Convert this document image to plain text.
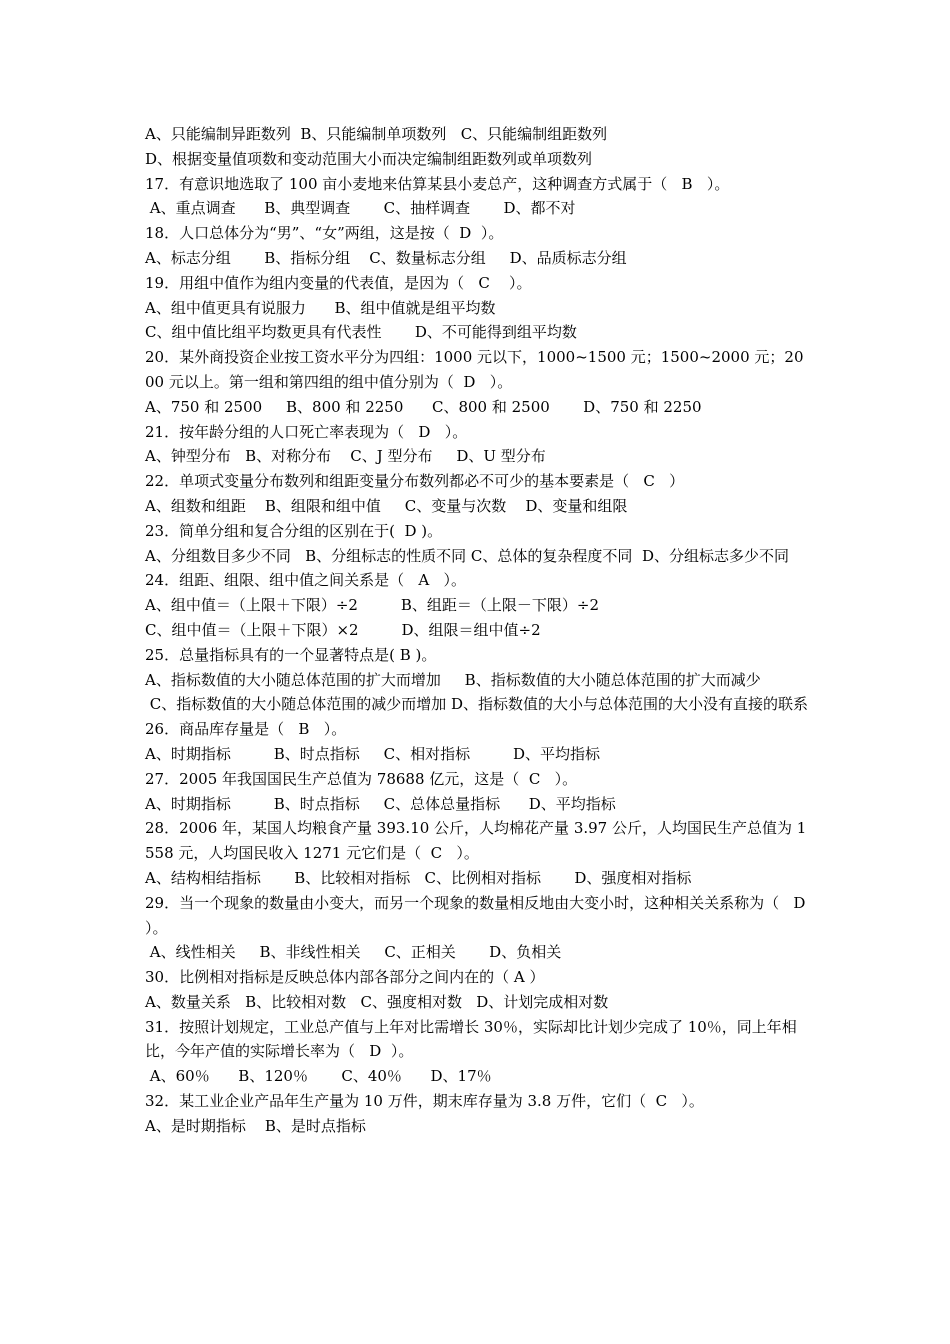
A、只能编制异距数列  B、只能编制单项数列   C、只能编制组距数列

D、根据变量值项数和变动范围大小而决定编制组距数列或单项数列

17．有意识地选取了 100 亩小麦地来估算某县小麦总产，这种调查方式属于（   B   ）。

A、重点调查      B、典型调查       C、抽样调查       D、都不对

18．人口总体分为“男”、“女”两组，这是按（  D  ）。

A、标志分组       B、指标分组    C、数量标志分组     D、品质标志分组

19．用组中值作为组内变量的代表值，是因为（   C    ）。

A、组中值更具有说服力      B、组中值就是组平均数

C、组中值比组平均数更具有代表性       D、不可能得到组平均数

20．某外商投资企业按工资水平分为四组：1000 元以下，1000~1500 元；1500~2000 元；2000 元以上。第一组和第四组的组中值分别为（  D   ）。

A、750 和 2500     B、800 和 2250      C、800 和 2500       D、750 和 2250

21．按年龄分组的人口死亡率表现为（   D   ）。

A、钟型分布   B、对称分布    C、J 型分布     D、U 型分布

22．单项式变量分布数列和组距变量分布数列都必不可少的基本要素是（   C   ）

A、组数和组距    B、组限和组中值     C、变量与次数    D、变量和组限

23．简单分组和复合分组的区别在于(  D )。

A、分组数目多少不同   B、分组标志的性质不同 C、总体的复杂程度不同  D、分组标志多少不同

24．组距、组限、组中值之间关系是（   A   ）。

A、组中值＝（上限＋下限）÷2         B、组距＝（上限－下限）÷2

C、组中值＝（上限＋下限）×2         D、组限＝组中值÷2

25．总量指标具有的一个显著特点是( B )。

A、指标数值的大小随总体范围的扩大而增加     B、指标数值的大小随总体范围的扩大而减少

C、指标数值的大小随总体范围的减少而增加 D、指标数值的大小与总体范围的大小没有直接的联系

26．商品库存量是（   B   ）。

A、时期指标         B、时点指标     C、相对指标         D、平均指标

27．2005 年我国国民生产总值为 78688 亿元，这是（  C   ）。

A、时期指标         B、时点指标     C、总体总量指标      D、平均指标

28．2006 年，某国人均粮食产量 393.10 公斤，人均棉花产量 3.97 公斤，人均国民生产总值为 1558 元，人均国民收入 1271 元它们是（  C   ）。

A、结构相结指标       B、比较相对指标   C、比例相对指标       D、强度相对指标

29．当一个现象的数量由小变大，而另一个现象的数量相反地由大变小时，这种相关关系称为（   D  ）。

A、线性相关     B、非线性相关     C、正相关       D、负相关

30．比例相对指标是反映总体内部各部分之间内在的（ A ）

A、数量关系   B、比较相对数   C、强度相对数   D、计划完成相对数

31．按照计划规定，工业总产值与上年对比需增长 30％，实际却比计划少完成了 10％，同上年相比，今年产值的实际增长率为（   D  ）。

A、60％      B、120％       C、40％      D、17％

32．某工业企业产品年生产量为 10 万件，期末库存量为 3.8 万件，它们（  C   ）。

A、是时期指标    B、是时点指标
